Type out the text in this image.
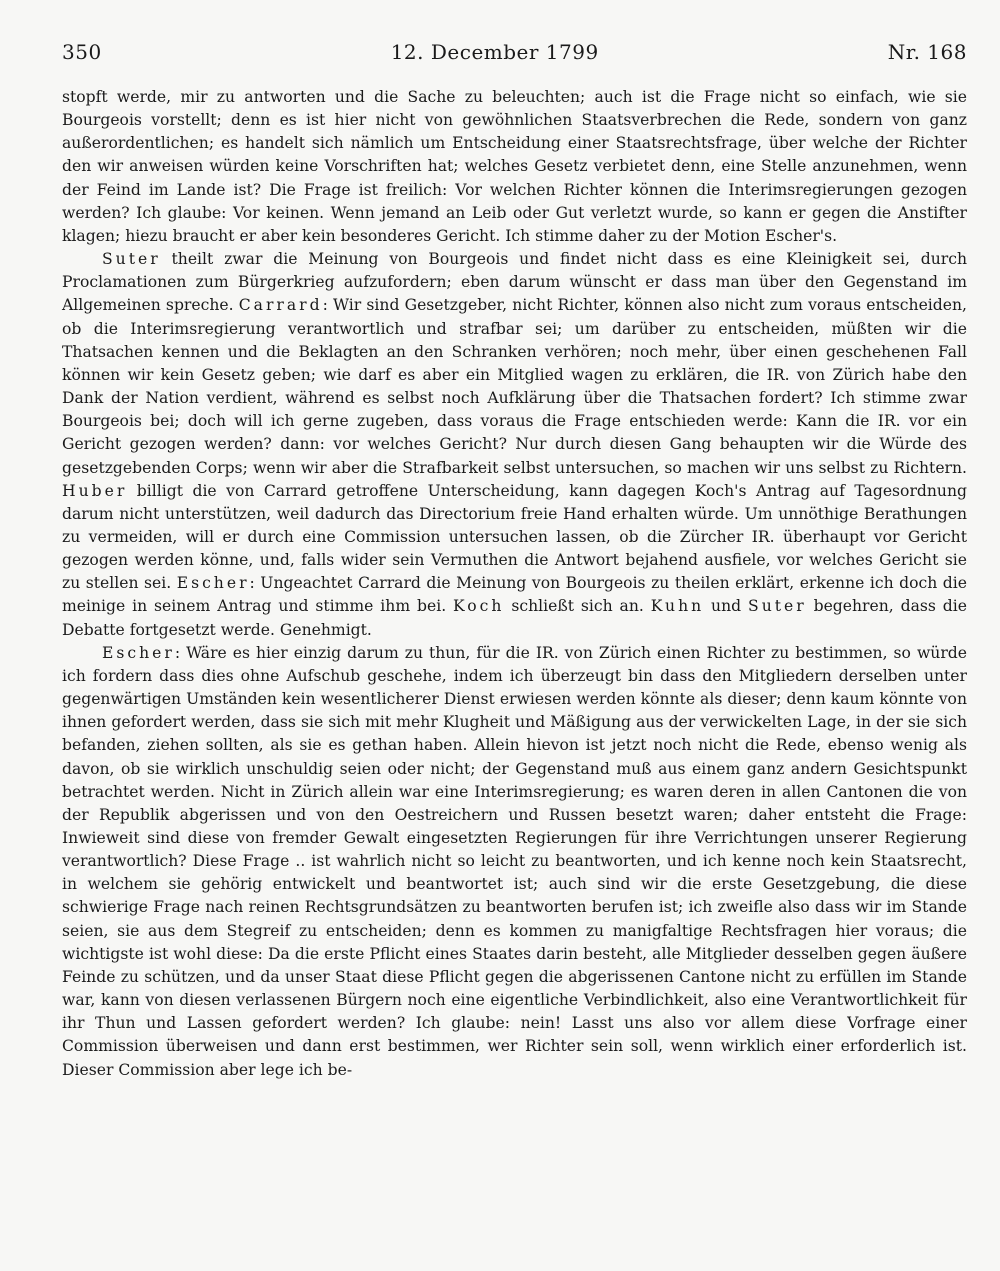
350	12. December 1799	Nr. 168

stopft werde, mir zu antworten und die Sache zu beleuchten; auch ist die Frage nicht so einfach, wie sie Bourgeois vorstellt; denn es ist hier nicht von gewöhnlichen Staatsverbrechen die Rede, sondern von ganz außerordentlichen; es handelt sich nämlich um Entscheidung einer Staatsrechtsfrage, über welche der Richter den wir anweisen würden keine Vorschriften hat; welches Gesetz verbietet denn, eine Stelle anzunehmen, wenn der Feind im Lande ist? Die Frage ist freilich: Vor welchen Richter können die Interimsregierungen gezogen werden? Ich glaube: Vor keinen. Wenn jemand an Leib oder Gut verletzt wurde, so kann er gegen die Anstifter klagen; hiezu braucht er aber kein besonderes Gericht. Ich stimme daher zu der Motion Escher's.

Suter theilt zwar die Meinung von Bourgeois und findet nicht dass es eine Kleinigkeit sei, durch Proclamationen zum Bürgerkrieg aufzufordern; eben darum wünscht er dass man über den Gegenstand im Allgemeinen spreche. Carrard: Wir sind Gesetzgeber, nicht Richter, können also nicht zum voraus entscheiden, ob die Interimsregierung verantwortlich und strafbar sei; um darüber zu entscheiden, müßten wir die Thatsachen kennen und die Beklagten an den Schranken verhören; noch mehr, über einen geschehenen Fall können wir kein Gesetz geben; wie darf es aber ein Mitglied wagen zu erklären, die IR. von Zürich habe den Dank der Nation verdient, während es selbst noch Aufklärung über die Thatsachen fordert? Ich stimme zwar Bourgeois bei; doch will ich gerne zugeben, dass voraus die Frage entschieden werde: Kann die IR. vor ein Gericht gezogen werden? dann: vor welches Gericht? Nur durch diesen Gang behaupten wir die Würde des gesetzgebenden Corps; wenn wir aber die Strafbarkeit selbst untersuchen, so machen wir uns selbst zu Richtern. Huber billigt die von Carrard getroffene Unterscheidung, kann dagegen Koch's Antrag auf Tagesordnung darum nicht unterstützen, weil dadurch das Directorium freie Hand erhalten würde. Um unnöthige Berathungen zu vermeiden, will er durch eine Commission untersuchen lassen, ob die Zürcher IR. überhaupt vor Gericht gezogen werden könne, und, falls wider sein Vermuthen die Antwort bejahend ausfiele, vor welches Gericht sie zu stellen sei. Escher: Ungeachtet Carrard die Meinung von Bourgeois zu theilen erklärt, erkenne ich doch die meinige in seinem Antrag und stimme ihm bei. Koch schließt sich an. Kuhn und Suter begehren, dass die Debatte fortgesetzt werde. Genehmigt.

Escher: Wäre es hier einzig darum zu thun, für die IR. von Zürich einen Richter zu bestimmen, so würde ich fordern dass dies ohne Aufschub geschehe, indem ich überzeugt bin dass den Mitgliedern derselben unter gegenwärtigen Umständen kein wesentlicherer Dienst erwiesen werden könnte als dieser; denn kaum könnte von ihnen gefordert werden, dass sie sich mit mehr Klugheit und Mäßigung aus der verwickelten Lage, in der sie sich befanden, ziehen sollten, als sie es gethan haben. Allein hievon ist jetzt noch nicht die Rede, ebenso wenig als davon, ob sie wirklich unschuldig seien oder nicht; der Gegenstand muß aus einem ganz andern Gesichtspunkt betrachtet werden. Nicht in Zürich allein war eine Interimsregierung; es waren deren in allen Cantonen die von der Republik abgerissen und von den Oestreichern und Russen besetzt waren; daher entsteht die Frage: Inwieweit sind diese von fremder Gewalt eingesetzten Regierungen für ihre Verrichtungen unserer Regierung verantwortlich? Diese Frage .. ist wahrlich nicht so leicht zu beantworten, und ich kenne noch kein Staatsrecht, in welchem sie gehörig entwickelt und beantwortet ist; auch sind wir die erste Gesetzgebung, die diese schwierige Frage nach reinen Rechtsgrundsätzen zu beantworten berufen ist; ich zweifle also dass wir im Stande seien, sie aus dem Stegreif zu entscheiden; denn es kommen zu manigfaltige Rechtsfragen hier voraus; die wichtigste ist wohl diese: Da die erste Pflicht eines Staates darin besteht, alle Mitglieder desselben gegen äußere Feinde zu schützen, und da unser Staat diese Pflicht gegen die abgerissenen Cantone nicht zu erfüllen im Stande war, kann von diesen verlassenen Bürgern noch eine eigentliche Verbindlichkeit, also eine Verantwortlichkeit für ihr Thun und Lassen gefordert werden? Ich glaube: nein! Lasst uns also vor allem diese Vorfrage einer Commission überweisen und dann erst bestimmen, wer Richter sein soll, wenn wirklich einer erforderlich ist. Dieser Commission aber lege ich be-
